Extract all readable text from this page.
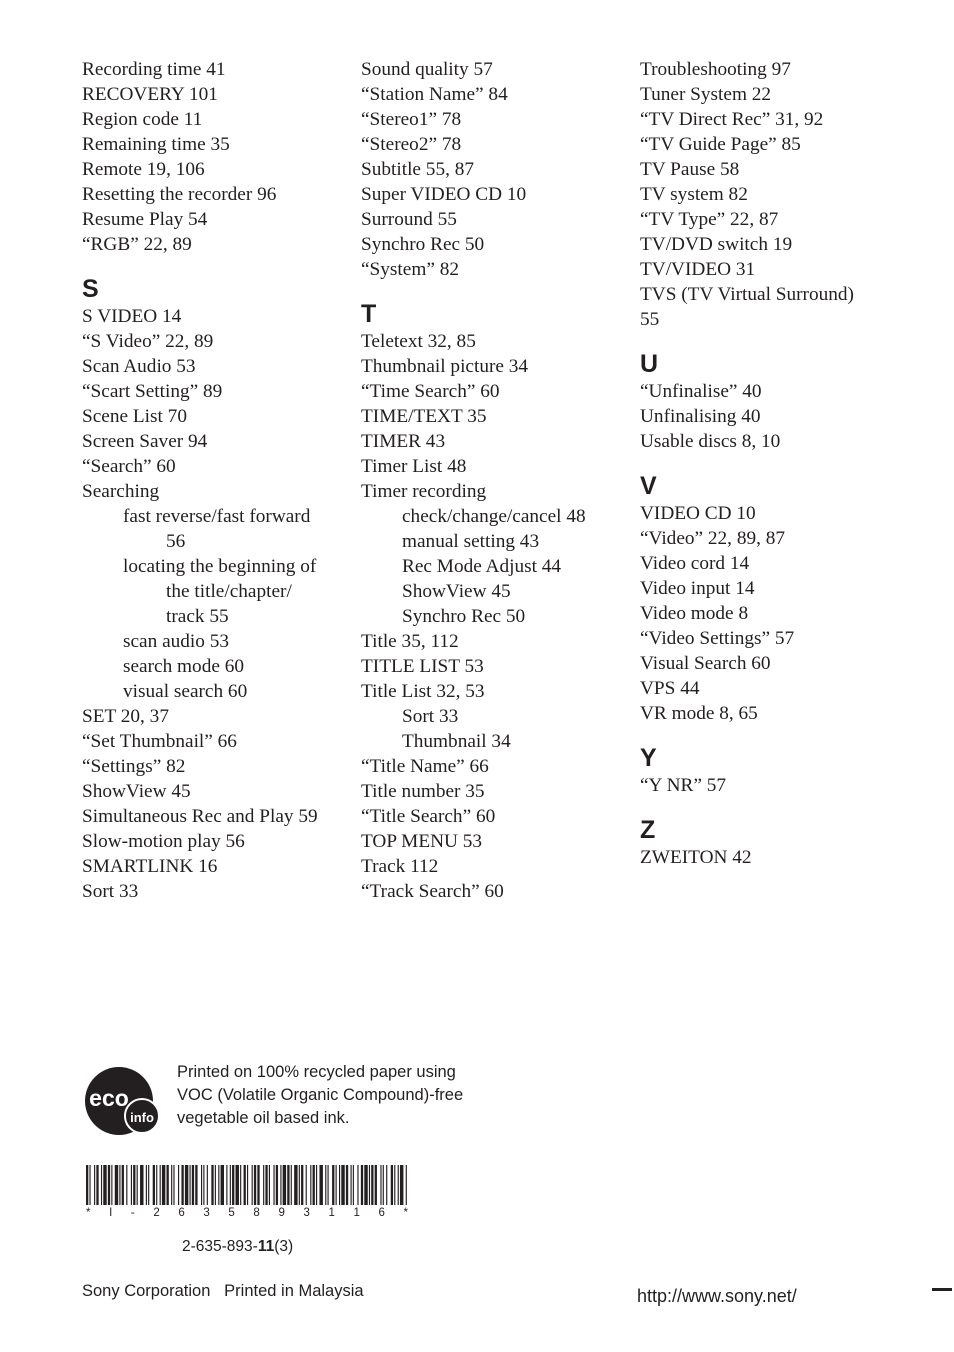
Recording time 41
RECOVERY 101
Region code 11
Remaining time 35
Remote 19, 106
Resetting the recorder 96
Resume Play 54
“RGB” 22, 89
S
S VIDEO 14
“S Video” 22, 89
Scan Audio 53
“Scart Setting” 89
Scene List 70
Screen Saver 94
“Search” 60
Searching
fast reverse/fast forward
56
locating the beginning of
the title/chapter/
track 55
scan audio 53
search mode 60
visual search 60
SET 20, 37
“Set Thumbnail” 66
“Settings” 82
ShowView 45
Simultaneous Rec and Play 59
Slow-motion play 56
SMARTLINK 16
Sort 33
Sound quality 57
“Station Name” 84
“Stereo1” 78
“Stereo2” 78
Subtitle 55, 87
Super VIDEO CD 10
Surround 55
Synchro Rec 50
“System” 82
T
Teletext 32, 85
Thumbnail picture 34
“Time Search” 60
TIME/TEXT 35
TIMER 43
Timer List 48
Timer recording
check/change/cancel 48
manual setting 43
Rec Mode Adjust 44
ShowView 45
Synchro Rec 50
Title 35, 112
TITLE LIST 53
Title List 32, 53
Sort 33
Thumbnail 34
“Title Name” 66
Title number 35
“Title Search” 60
TOP MENU 53
Track 112
“Track Search” 60
Troubleshooting 97
Tuner System 22
“TV Direct Rec” 31, 92
“TV Guide Page” 85
TV Pause 58
TV system 82
“TV Type” 22, 87
TV/DVD switch 19
TV/VIDEO 31
TVS (TV Virtual Surround)
55
U
“Unfinalise” 40
Unfinalising 40
Usable discs 8, 10
V
VIDEO CD 10
“Video” 22, 89, 87
Video cord 14
Video input 14
Video mode 8
“Video Settings” 57
Visual Search 60
VPS 44
VR mode 8, 65
Y
“Y NR” 57
Z
ZWEITON 42
eco
info
Printed on 100% recycled paper using
VOC (Volatile Organic Compound)-free
vegetable oil based ink.
* I - 2 6 3 5 8 9 3 1 1 6 *
2-635-893-11(3)
Sony Corporation   Printed in Malaysia	http://www.sony.net/
